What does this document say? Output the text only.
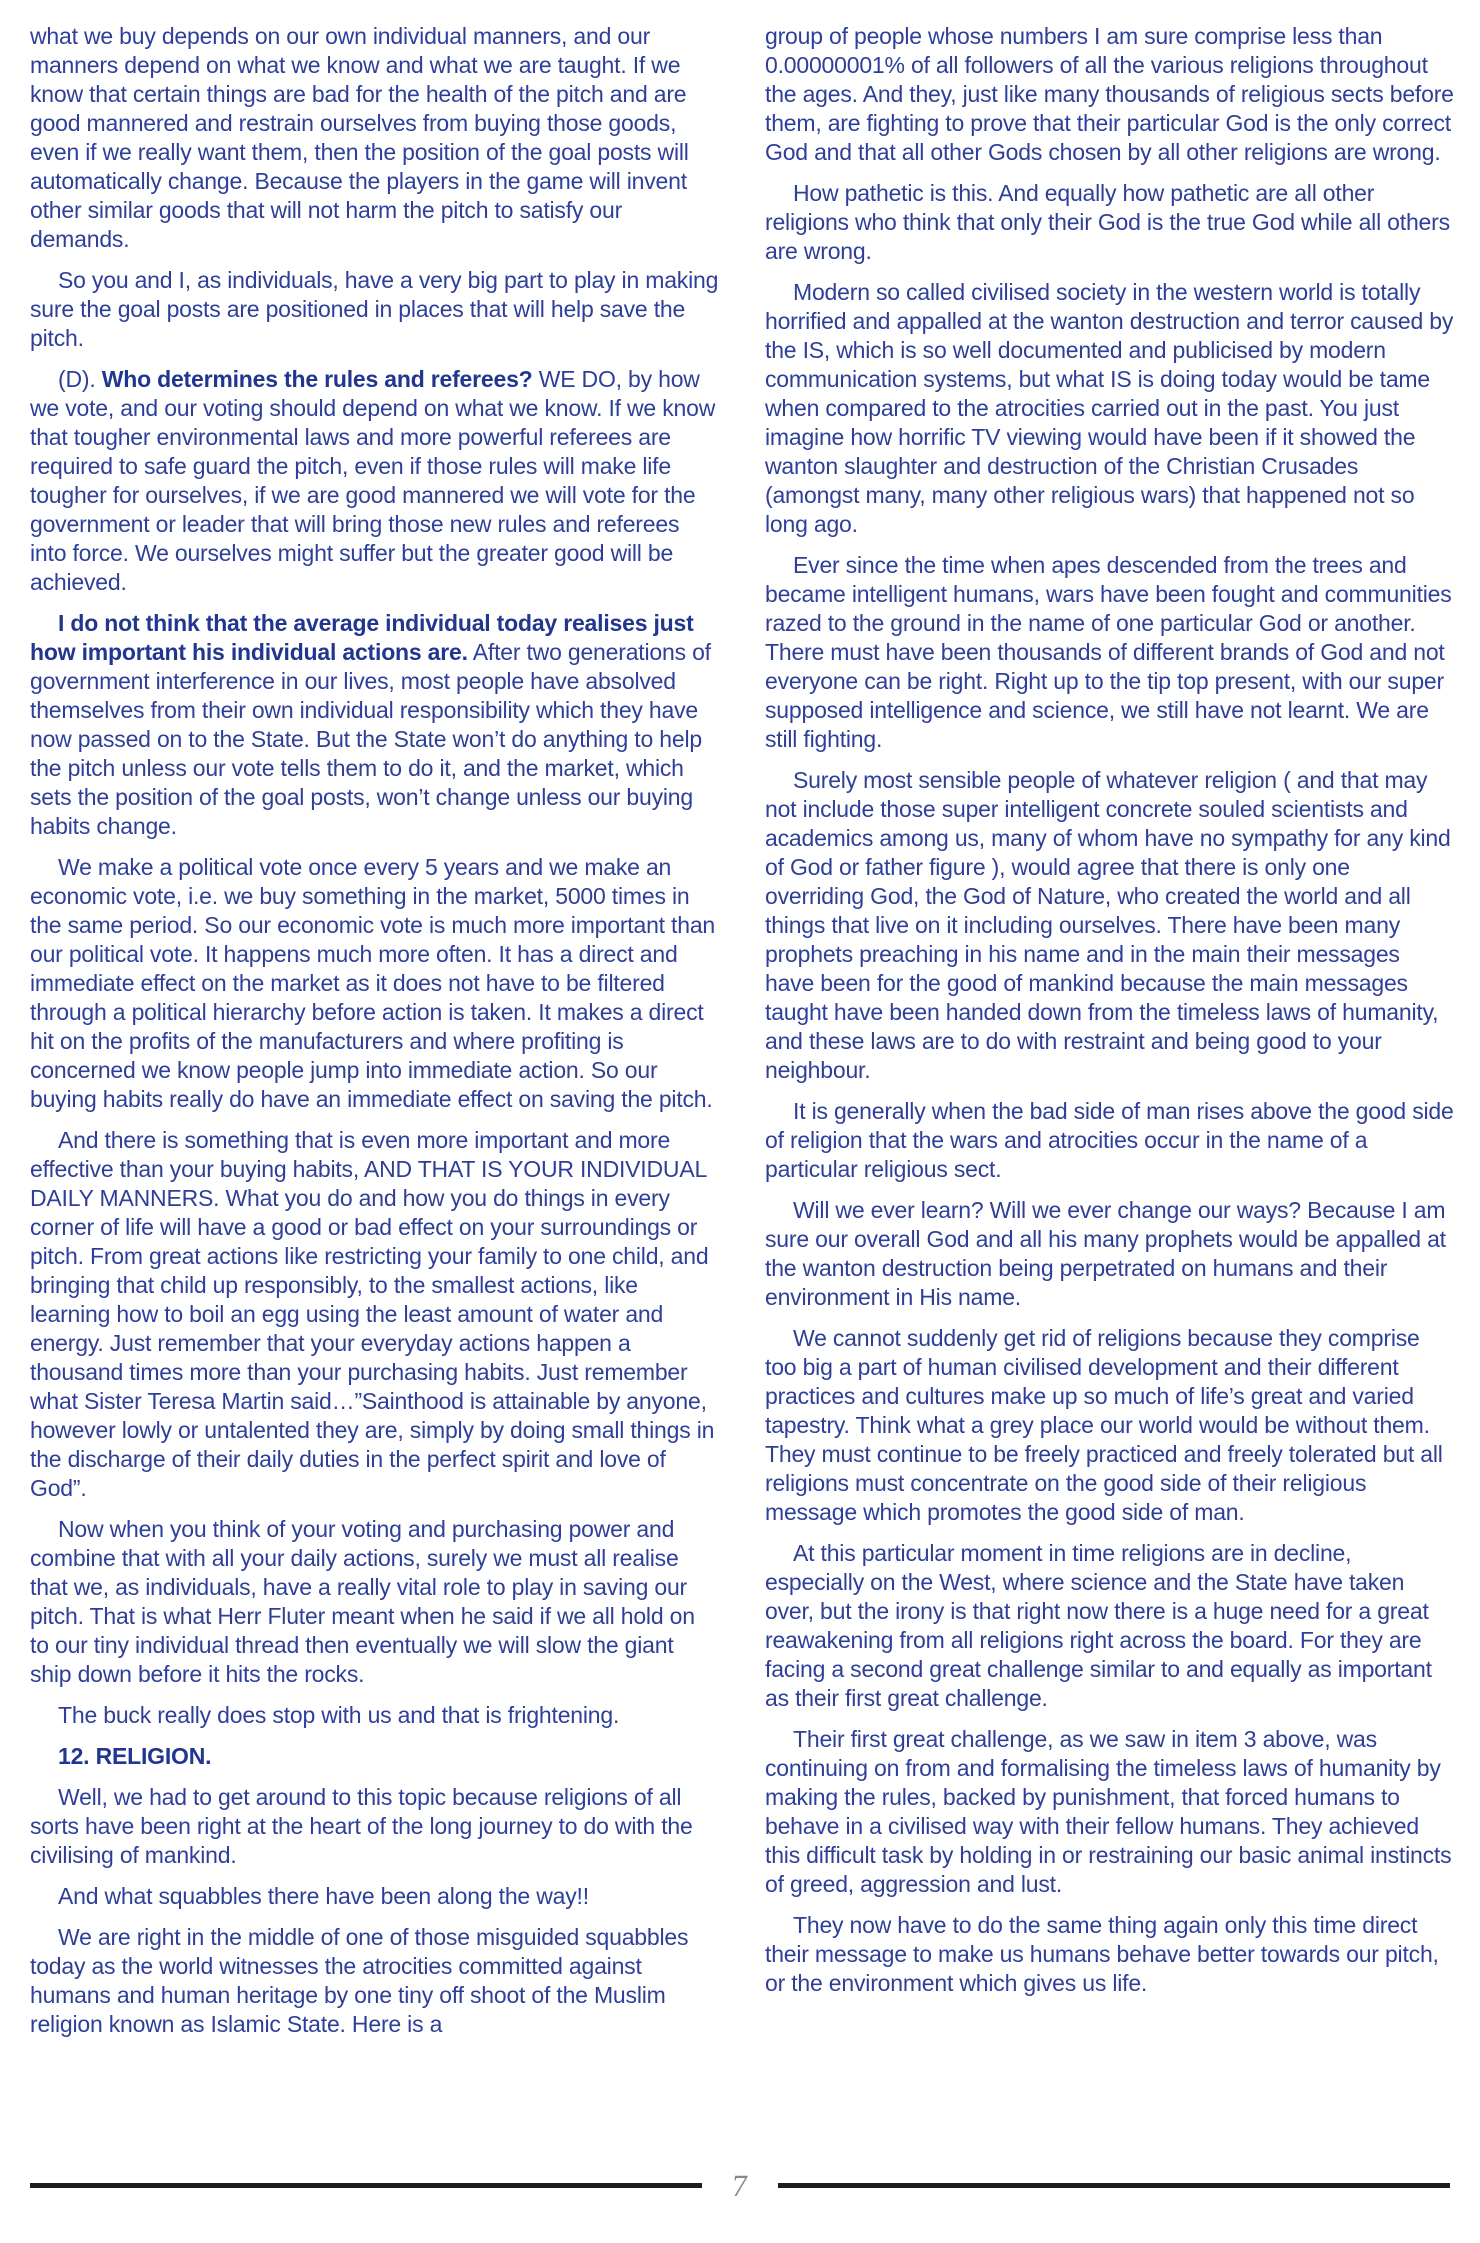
what we buy depends on our own individual manners, and our manners depend on what we know and what we are taught. If we know that certain things are bad for the health of the pitch and are good mannered and restrain ourselves from buying those goods, even if we really want them, then the position of the goal posts will automatically change. Because the players in the game will invent other similar goods that will not harm the pitch to satisfy our demands.

So you and I, as individuals, have a very big part to play in making sure the goal posts are positioned in places that will help save the pitch.

(D). Who determines the rules and referees? WE DO, by how we vote, and our voting should depend on what we know. If we know that tougher environmental laws and more powerful referees are required to safe guard the pitch, even if those rules will make life tougher for ourselves, if we are good mannered we will vote for the government or leader that will bring those new rules and referees into force. We ourselves might suffer but the greater good will be achieved.

I do not think that the average individual today realises just how important his individual actions are. After two generations of government interference in our lives, most people have absolved themselves from their own individual responsibility which they have now passed on to the State. But the State won’t do anything to help the pitch unless our vote tells them to do it, and the market, which sets the position of the goal posts, won’t change unless our buying habits change.

We make a political vote once every 5 years and we make an economic vote, i.e. we buy something in the market, 5000 times in the same period. So our economic vote is much more important than our political vote. It happens much more often. It has a direct and immediate effect on the market as it does not have to be filtered through a political hierarchy before action is taken. It makes a direct hit on the profits of the manufacturers and where profiting is concerned we know people jump into immediate action. So our buying habits really do have an immediate effect on saving the pitch.

And there is something that is even more important and more effective than your buying habits, AND THAT IS YOUR INDIVIDUAL DAILY MANNERS. What you do and how you do things in every corner of life will have a good or bad effect on your surroundings or pitch. From great actions like restricting your family to one child, and bringing that child up responsibly, to the smallest actions, like learning how to boil an egg using the least amount of water and energy. Just remember that your everyday actions happen a thousand times more than your purchasing habits. Just remember what Sister Teresa Martin said…”Sainthood is attainable by anyone, however lowly or untalented they are, simply by doing small things in the discharge of their daily duties in the perfect spirit and love of God”.

Now when you think of your voting and purchasing power and combine that with all your daily actions, surely we must all realise that we, as individuals, have a really vital role to play in saving our pitch. That is what Herr Fluter meant when he said if we all hold on to our tiny individual thread then eventually we will slow the giant ship down before it hits the rocks.

The buck really does stop with us and that is frightening.

12. RELIGION.

Well, we had to get around to this topic because religions of all sorts have been right at the heart of the long journey to do with the civilising of mankind.

And what squabbles there have been along the way!!

We are right in the middle of one of those misguided squabbles today as the world witnesses the atrocities committed against humans and human heritage by one tiny off shoot of the Muslim religion known as Islamic State. Here is a

group of people whose numbers I am sure comprise less than 0.00000001% of all followers of all the various religions throughout the ages. And they, just like many thousands of religious sects before them, are fighting to prove that their particular God is the only correct God and that all other Gods chosen by all other religions are wrong.

How pathetic is this. And equally how pathetic are all other religions who think that only their God is the true God while all others are wrong.

Modern so called civilised society in the western world is totally horrified and appalled at the wanton destruction and terror caused by the IS, which is so well documented and publicised by modern communication systems, but what IS is doing today would be tame when compared to the atrocities carried out in the past. You just imagine how horrific TV viewing would have been if it showed the wanton slaughter and destruction of the Christian Crusades (amongst many, many other religious wars) that happened not so long ago.

Ever since the time when apes descended from the trees and became intelligent humans, wars have been fought and communities razed to the ground in the name of one particular God or another. There must have been thousands of different brands of God and not everyone can be right. Right up to the tip top present, with our super supposed intelligence and science, we still have not learnt. We are still fighting.

Surely most sensible people of whatever religion ( and that may not include those super intelligent concrete souled scientists and academics among us, many of whom have no sympathy for any kind of God or father figure ), would agree that there is only one overriding God, the God of Nature, who created the world and all things that live on it including ourselves. There have been many prophets preaching in his name and in the main their messages have been for the good of mankind because the main messages taught have been handed down from the timeless laws of humanity, and these laws are to do with restraint and being good to your neighbour.

It is generally when the bad side of man rises above the good side of religion that the wars and atrocities occur in the name of a particular religious sect.

Will we ever learn? Will we ever change our ways? Because I am sure our overall God and all his many prophets would be appalled at the wanton destruction being perpetrated on humans and their environment in His name.

We cannot suddenly get rid of religions because they comprise too big a part of human civilised development and their different practices and cultures make up so much of life’s great and varied tapestry. Think what a grey place our world would be without them. They must continue to be freely practiced and freely tolerated but all religions must concentrate on the good side of their religious message which promotes the good side of man.

At this particular moment in time religions are in decline, especially on the West, where science and the State have taken over, but the irony is that right now there is a huge need for a great reawakening from all religions right across the board. For they are facing a second great challenge similar to and equally as important as their first great challenge.

Their first great challenge, as we saw in item 3 above, was continuing on from and formalising the timeless laws of humanity by making the rules, backed by punishment, that forced humans to behave in a civilised way with their fellow humans. They achieved this difficult task by holding in or restraining our basic animal instincts of greed, aggression and lust.

They now have to do the same thing again only this time direct their message to make us humans behave better towards our pitch, or the environment which gives us life.

7
